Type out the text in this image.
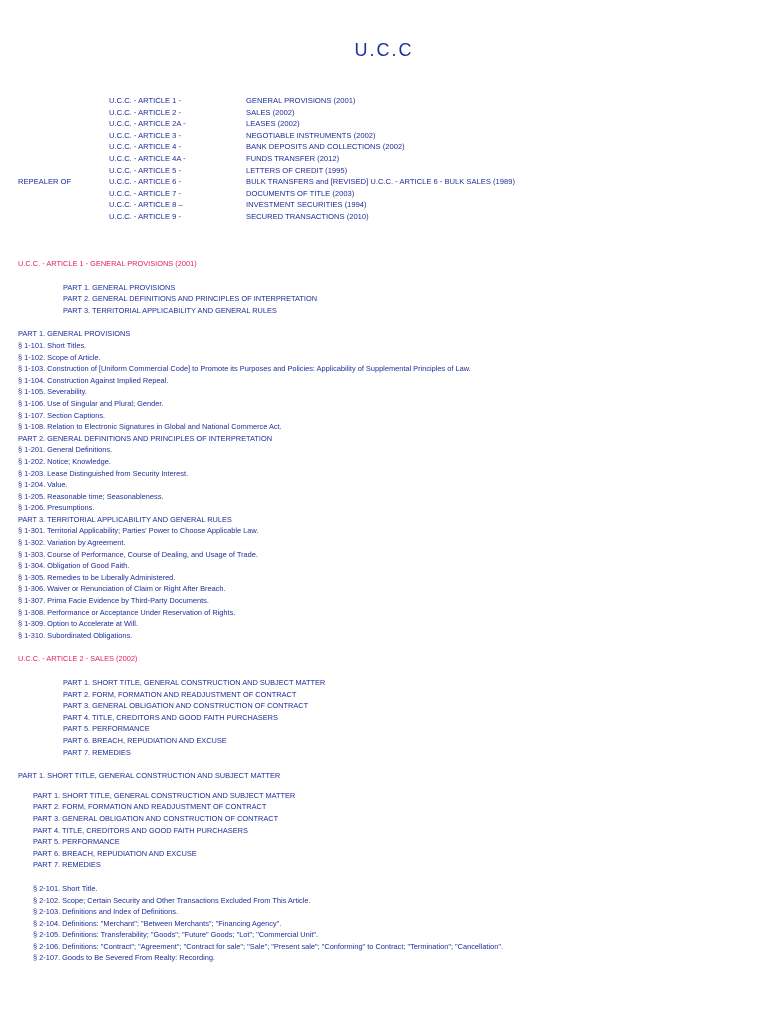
U.C.C
U.C.C. - ARTICLE 1 -	GENERAL PROVISIONS (2001)
U.C.C. - ARTICLE 2 -	SALES (2002)
U.C.C. - ARTICLE 2A -	LEASES (2002)
U.C.C. - ARTICLE 3 -	NEGOTIABLE INSTRUMENTS (2002)
U.C.C. - ARTICLE 4 -	BANK DEPOSITS AND COLLECTIONS (2002)
U.C.C. - ARTICLE 4A -	FUNDS TRANSFER (2012)
U.C.C. - ARTICLE 5 -	LETTERS OF CREDIT (1995)
REPEALER OF	U.C.C. - ARTICLE 6 -	BULK TRANSFERS and [REVISED] U.C.C. - ARTICLE 6 - BULK SALES (1989)
U.C.C. - ARTICLE 7 -	DOCUMENTS OF TITLE (2003)
U.C.C. - ARTICLE 8 –	INVESTMENT SECURITIES (1994)
U.C.C. - ARTICLE 9 -	SECURED TRANSACTIONS (2010)
U.C.C. - ARTICLE 1 - GENERAL PROVISIONS (2001)
PART 1. GENERAL PROVISIONS
PART 2. GENERAL DEFINITIONS AND PRINCIPLES OF INTERPRETATION
PART 3. TERRITORIAL APPLICABILITY AND GENERAL RULES
PART 1. GENERAL PROVISIONS
§ 1-101. Short Titles.
§ 1-102. Scope of Article.
§ 1-103. Construction of [Uniform Commercial Code] to Promote its Purposes and Policies: Applicability of Supplemental Principles of Law.
§ 1-104. Construction Against Implied Repeal.
§ 1-105. Severability.
§ 1-106. Use of Singular and Plural; Gender.
§ 1-107. Section Captions.
§ 1-108. Relation to Electronic Signatures in Global and National Commerce Act.
PART 2. GENERAL DEFINITIONS AND PRINCIPLES OF INTERPRETATION
§ 1-201. General Definitions.
§ 1-202. Notice; Knowledge.
§ 1-203. Lease Distinguished from Security Interest.
§ 1-204. Value.
§ 1-205. Reasonable time; Seasonableness.
§ 1-206. Presumptions.
PART 3. TERRITORIAL APPLICABILITY AND GENERAL RULES
§ 1-301. Territorial Applicability; Parties' Power to Choose Applicable Law.
§ 1-302. Variation by Agreement.
§ 1-303. Course of Performance, Course of Dealing, and Usage of Trade.
§ 1-304. Obligation of Good Faith.
§ 1-305. Remedies to be Liberally Administered.
§ 1-306. Waiver or Renunciation of Claim or Right After Breach.
§ 1-307. Prima Facie Evidence by Third-Party Documents.
§ 1-308. Performance or Acceptance Under Reservation of Rights.
§ 1-309. Option to Accelerate at Will.
§ 1-310. Subordinated Obligations.
U.C.C. - ARTICLE 2 - SALES (2002)
PART 1. SHORT TITLE, GENERAL CONSTRUCTION AND SUBJECT MATTER
PART 2. FORM, FORMATION AND READJUSTMENT OF CONTRACT
PART 3. GENERAL OBLIGATION AND CONSTRUCTION OF CONTRACT
PART 4. TITLE, CREDITORS AND GOOD FAITH PURCHASERS
PART 5. PERFORMANCE
PART 6. BREACH, REPUDIATION AND EXCUSE
PART 7. REMEDIES
PART 1. SHORT TITLE, GENERAL CONSTRUCTION AND SUBJECT MATTER
PART 1. SHORT TITLE, GENERAL CONSTRUCTION AND SUBJECT MATTER
PART 2. FORM, FORMATION AND READJUSTMENT OF CONTRACT
PART 3. GENERAL OBLIGATION AND CONSTRUCTION OF CONTRACT
PART 4. TITLE, CREDITORS AND GOOD FAITH PURCHASERS
PART 5. PERFORMANCE
PART 6. BREACH, REPUDIATION AND EXCUSE
PART 7. REMEDIES
§ 2-101. Short Title.
§ 2-102. Scope; Certain Security and Other Transactions Excluded From This Article.
§ 2-103. Definitions and Index of Definitions.
§ 2-104. Definitions: "Merchant"; "Between Merchants"; "Financing Agency".
§ 2-105. Definitions: Transferability; "Goods"; "Future" Goods; "Lot"; "Commercial Unit".
§ 2-106. Definitions: "Contract"; "Agreement"; "Contract for sale"; "Sale"; "Present sale"; "Conforming" to Contract; "Termination"; "Cancellation".
§ 2-107. Goods to Be Severed From Realty: Recording.
